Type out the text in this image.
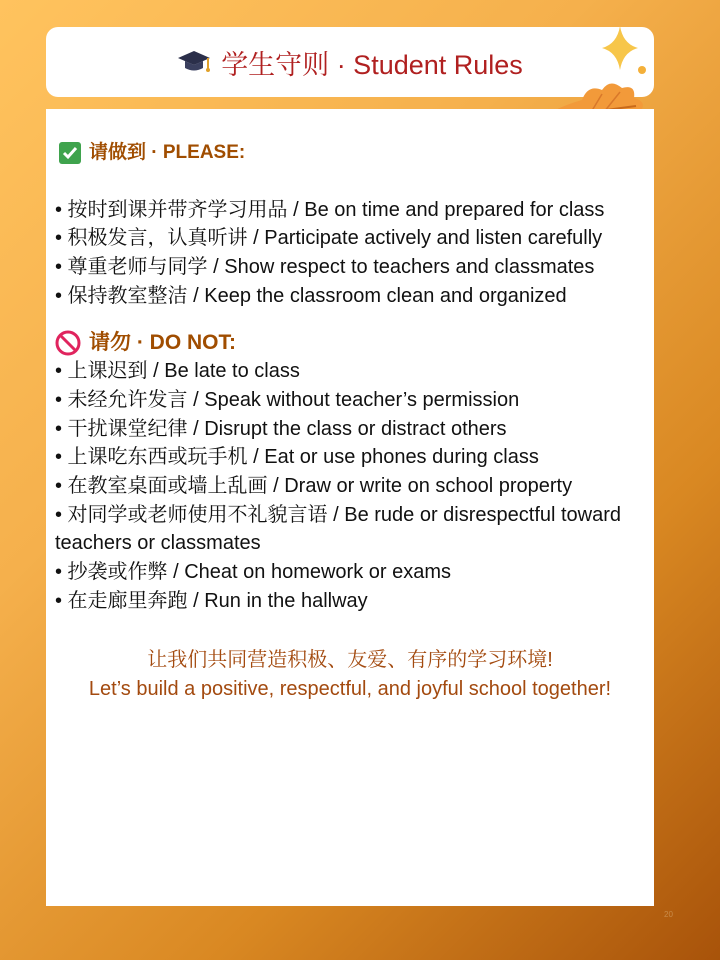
学生守则 · Student Rules
请做到 · PLEASE:

• 按时到课并带齐学习用品 / Be on time and prepared for class

• 积极发言，认真听讲 / Participate actively and listen carefully

• 尊重老师与同学 / Show respect to teachers and classmates

• 保持教室整洁 / Keep the classroom clean and organized

请勿 · DO NOT:

• 上课迟到 / Be late to class

• 未经允许发言 / Speak without teacher’s permission

• 干扰课堂纪律 / Disrupt the class or distract others

• 上课吃东西或玩手机 / Eat or use phones during class

• 在教室桌面或墙上乱画 / Draw or write on school property

• 对同学或老师使用不礼貌言语 / Be rude or disrespectful toward teachers or classmates

• 抄袭或作弊 / Cheat on homework or exams

• 在走廊里奔跑 / Run in the hallway

让我们共同营造积极、友爱、有序的学习环境!
Let’s build a positive, respectful, and joyful school together!
20
